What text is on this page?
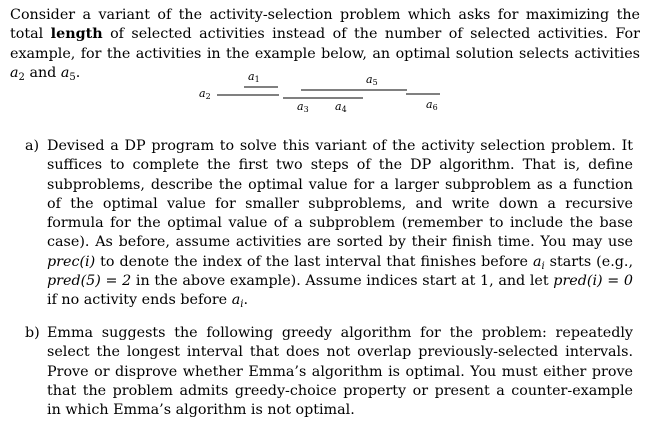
Consider a variant of the activity-selection problem which asks for maximizing the total length of selected activities instead of the number of selected activities. For example, for the activities in the example below, an optimal solution selects activities $a_2$ and $a_5$.	a1
a2
a3 a4
a5
a6
a) Devised a DP program to solve this variant of the activity selection problem. It suffices to complete the first two steps of the DP algorithm. That is, define subproblems, describe the optimal value for a larger subproblem as a function of the optimal value for smaller subproblems, and write down a recursive formula for the optimal value of a subproblem (remember to include the base case). As before, assume activities are sorted by their finish time. You may use prec(i) to denote the index of the last interval that finishes before $a_i$ starts (e.g., pred(5) = 2 in the above example). Assume indices start at 1, and let pred(i) = 0 if no activity ends before $a_i$.

b) Emma suggests the following greedy algorithm for the problem: repeatedly select the longest interval that does not overlap previously-selected intervals. Prove or disprove whether Emma’s algorithm is optimal. You must either prove that the problem admits greedy-choice property or present a counter-example in which Emma’s algorithm is not optimal.
